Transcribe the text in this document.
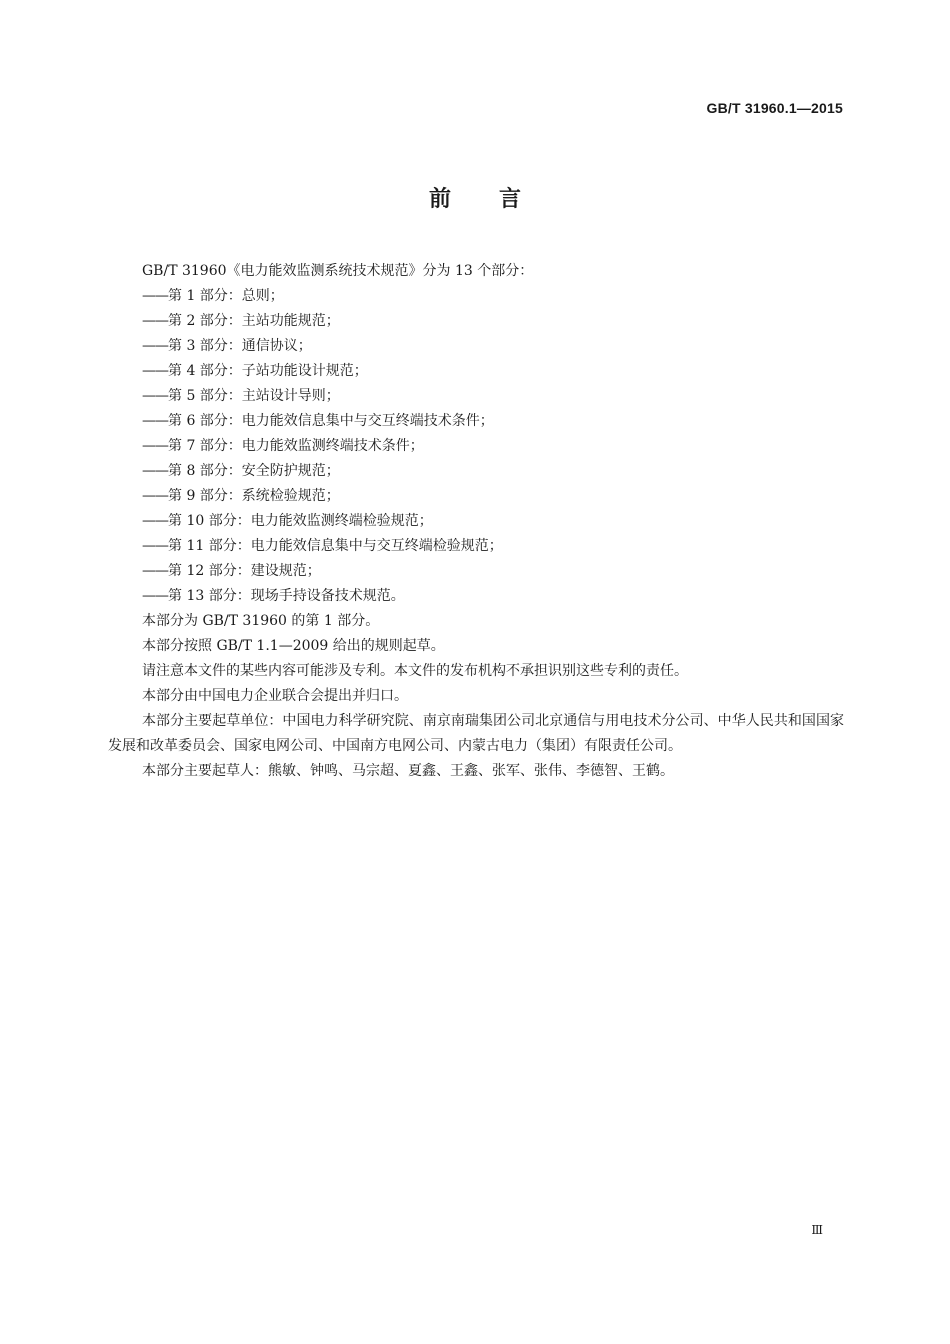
GB/T 31960.1—2015
前言

GB/T 31960《电力能效监测系统技术规范》分为 13 个部分：

——第 1 部分：总则；

——第 2 部分：主站功能规范；

——第 3 部分：通信协议；

——第 4 部分：子站功能设计规范；

——第 5 部分：主站设计导则；

——第 6 部分：电力能效信息集中与交互终端技术条件；

——第 7 部分：电力能效监测终端技术条件；

——第 8 部分：安全防护规范；

——第 9 部分：系统检验规范；

——第 10 部分：电力能效监测终端检验规范；

——第 11 部分：电力能效信息集中与交互终端检验规范；

——第 12 部分：建设规范；

——第 13 部分：现场手持设备技术规范。

本部分为 GB/T 31960 的第 1 部分。

本部分按照 GB/T 1.1—2009 给出的规则起草。

请注意本文件的某些内容可能涉及专利。本文件的发布机构不承担识别这些专利的责任。

本部分由中国电力企业联合会提出并归口。

本部分主要起草单位：中国电力科学研究院、南京南瑞集团公司北京通信与用电技术分公司、中华人民共和国国家发展和改革委员会、国家电网公司、中国南方电网公司、内蒙古电力（集团）有限责任公司。

本部分主要起草人：熊敏、钟鸣、马宗超、夏鑫、王鑫、张军、张伟、李德智、王鹤。

Ⅲ
